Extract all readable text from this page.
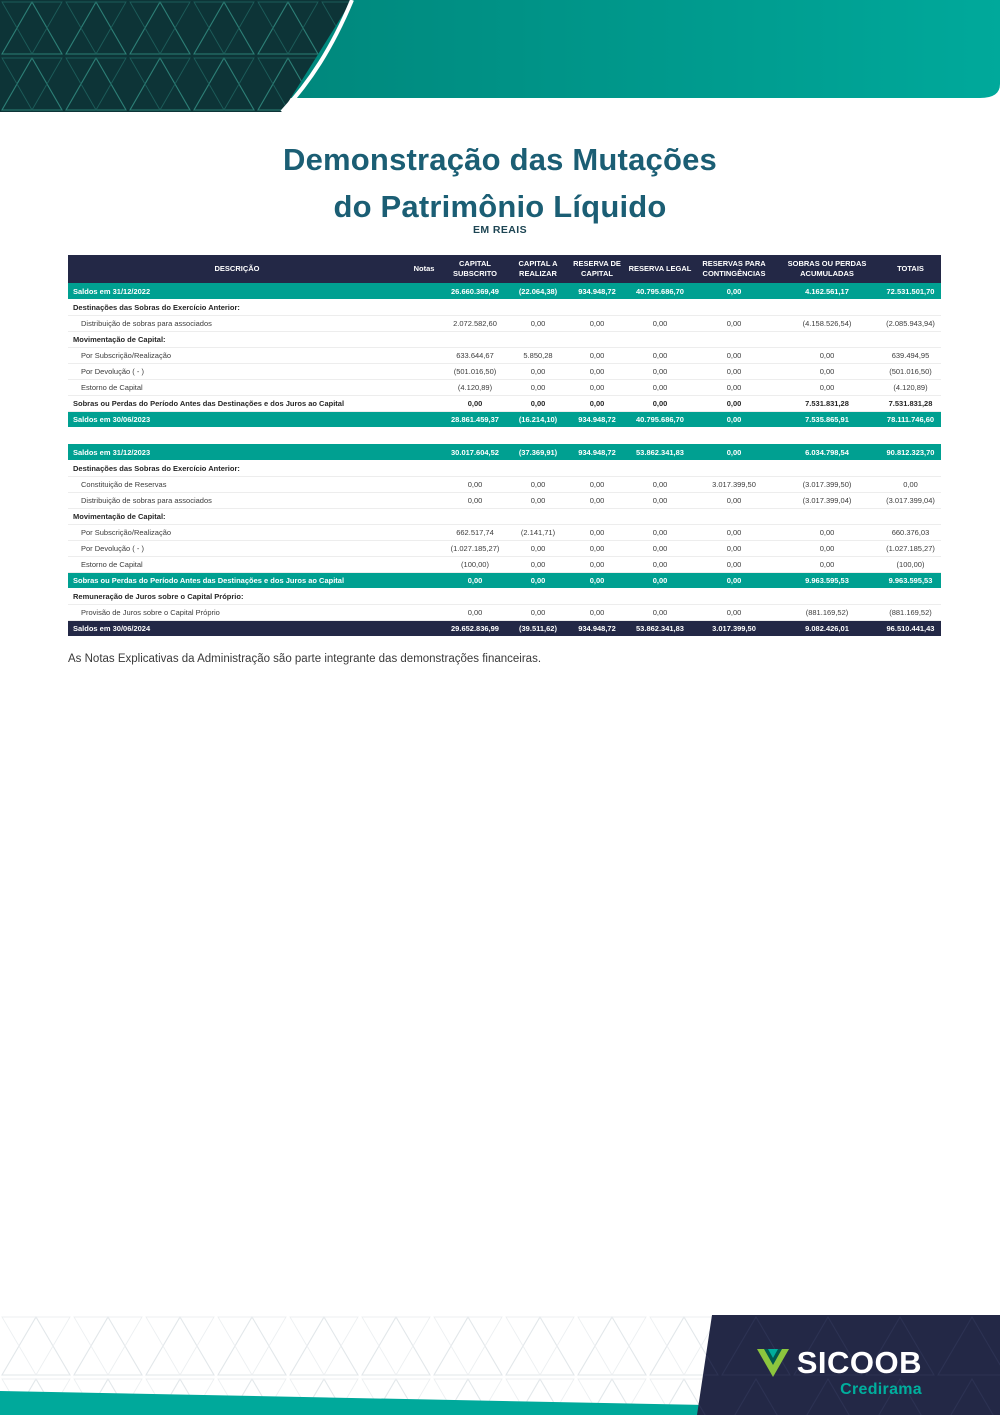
Demonstração das Mutações
do Patrimônio Líquido
EM REAIS
DESCRIÇÃO	Notas	CAPITAL SUBSCRITO	CAPITAL A REALIZAR	RESERVA DE CAPITAL	RESERVA LEGAL	RESERVAS PARA CONTINGÊNCIAS	SOBRAS OU PERDAS ACUMULADAS	TOTAIS
Saldos em 31/12/2022		26.660.369,49	(22.064,38)	934.948,72	40.795.686,70	0,00	4.162.561,17	72.531.501,70
Destinações das Sobras do Exercício Anterior:								
Distribuição de sobras para associados		2.072.582,60	0,00	0,00	0,00	0,00	(4.158.526,54)	(2.085.943,94)
Movimentação de Capital:								
Por Subscrição/Realização		633.644,67	5.850,28	0,00	0,00	0,00	0,00	639.494,95
Por Devolução ( - )		(501.016,50)	0,00	0,00	0,00	0,00	0,00	(501.016,50)
Estorno de Capital		(4.120,89)	0,00	0,00	0,00	0,00	0,00	(4.120,89)
Sobras ou Perdas do Período Antes das Destinações e dos Juros ao Capital		0,00	0,00	0,00	0,00	0,00	7.531.831,28	7.531.831,28
Saldos em 30/06/2023		28.861.459,37	(16.214,10)	934.948,72	40.795.686,70	0,00	7.535.865,91	78.111.746,60

Saldos em 31/12/2023		30.017.604,52	(37.369,91)	934.948,72	53.862.341,83	0,00	6.034.798,54	90.812.323,70
Destinações das Sobras do Exercício Anterior:								
Constituição de Reservas		0,00	0,00	0,00	0,00	3.017.399,50	(3.017.399,50)	0,00
Distribuição de sobras para associados		0,00	0,00	0,00	0,00	0,00	(3.017.399,04)	(3.017.399,04)
Movimentação de Capital:								
Por Subscrição/Realização		662.517,74	(2.141,71)	0,00	0,00	0,00	0,00	660.376,03
Por Devolução ( - )		(1.027.185,27)	0,00	0,00	0,00	0,00	0,00	(1.027.185,27)
Estorno de Capital		(100,00)	0,00	0,00	0,00	0,00	0,00	(100,00)
Sobras ou Perdas do Período Antes das Destinações e dos Juros ao Capital		0,00	0,00	0,00	0,00	0,00	9.963.595,53	9.963.595,53
Remuneração de Juros sobre o Capital Próprio:								
Provisão de Juros sobre o Capital Próprio		0,00	0,00	0,00	0,00	0,00	(881.169,52)	(881.169,52)
Saldos em 30/06/2024		29.652.836,99	(39.511,62)	934.948,72	53.862.341,83	3.017.399,50	9.082.426,01	96.510.441,43

As Notas Explicativas da Administração são parte integrante das demonstrações financeiras.

SICOOB
Credirama
